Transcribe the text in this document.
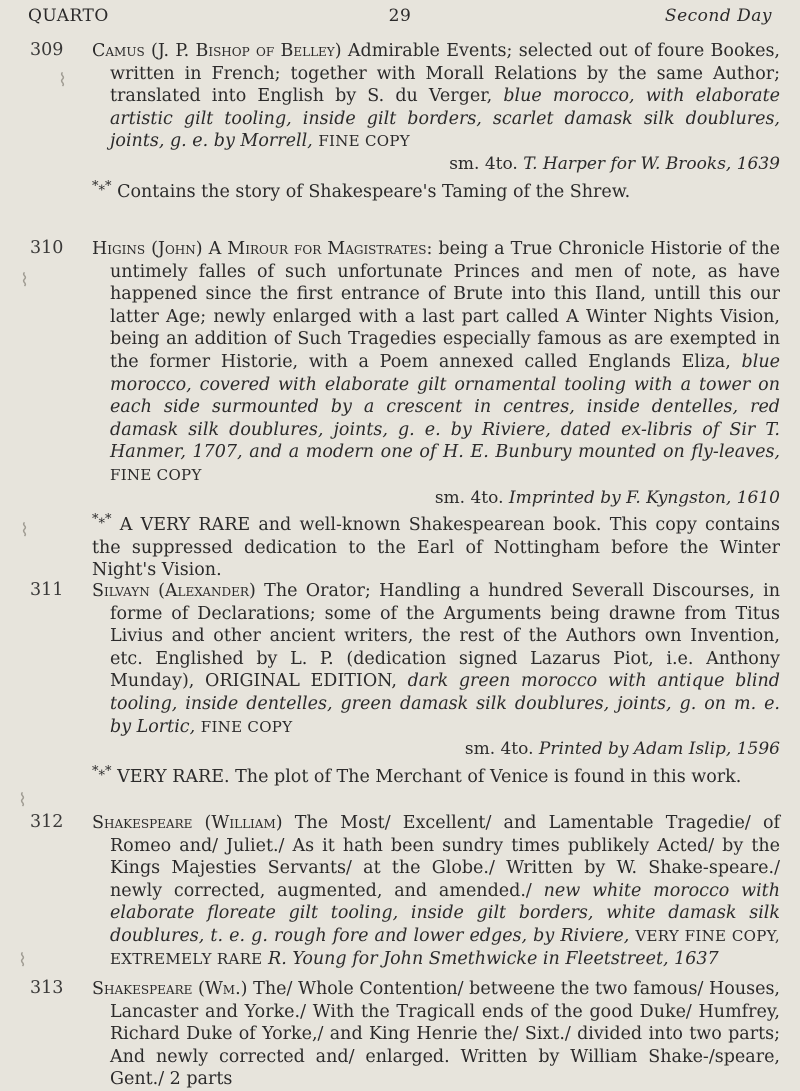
QUARTO	29	Second Day
⌇
⌇
⌇
⌇
⌇
309	Camus (J. P. Bishop of Belley) Admirable Events; selected out of foure Bookes, written in French; together with Morall Relations by the same Author; translated into English by S. du Verger, blue morocco, with elaborate artistic gilt tooling, inside gilt borders, scarlet damask silk doublures, joints, g. e. by Morrell, FINE COPY

sm. 4to. T. Harper for W. Brooks, 1639

*⁎* Contains the story of Shakespeare's Taming of the Shrew.

310	Higins (John) A Mirour for Magistrates: being a True Chronicle Historie of the untimely falles of such unfortunate Princes and men of note, as have happened since the first entrance of Brute into this Iland, untill this our latter Age; newly enlarged with a last part called A Winter Nights Vision, being an addition of Such Tragedies especially famous as are exempted in the former Historie, with a Poem annexed called Englands Eliza, blue morocco, covered with elaborate gilt ornamental tooling with a tower on each side surmounted by a crescent in centres, inside dentelles, red damask silk doublures, joints, g. e. by Riviere, dated ex-libris of Sir T. Hanmer, 1707, and a modern one of H. E. Bunbury mounted on fly-leaves, FINE COPY

sm. 4to. Imprinted by F. Kyngston, 1610

*⁎* A VERY RARE and well-known Shakespearean book. This copy contains the suppressed dedication to the Earl of Nottingham before the Winter Night's Vision.

311	Silvayn (Alexander) The Orator; Handling a hundred Severall Discourses, in forme of Declarations; some of the Arguments being drawne from Titus Livius and other ancient writers, the rest of the Authors own Invention, etc. Englished by L. P. (dedication signed Lazarus Piot, i.e. Anthony Munday), ORIGINAL EDITION, dark green morocco with antique blind tooling, inside dentelles, green damask silk doublures, joints, g. on m. e. by Lortic, FINE COPY

sm. 4to. Printed by Adam Islip, 1596

*⁎* VERY RARE. The plot of The Merchant of Venice is found in this work.

312	Shakespeare (William) The Most/ Excellent/ and Lamentable Tragedie/ of Romeo and/ Juliet./ As it hath been sundry times publikely Acted/ by the Kings Majesties Servants/ at the Globe./ Written by W. Shake-speare./ newly corrected, augmented, and amended./ new white morocco with elaborate floreate gilt tooling, inside gilt borders, white damask silk doublures, t. e. g. rough fore and lower edges, by Riviere, VERY FINE COPY, EXTREMELY RARE R. Young for John Smethwicke in Fleetstreet, 1637

313	Shakespeare (Wm.) The/ Whole Contention/ betweene the two famous/ Houses, Lancaster and Yorke./ With the Tragicall ends of the good Duke/ Humfrey, Richard Duke of Yorke,/ and King Henrie the/ Sixt./ divided into two parts; And newly corrected and/ enlarged. Written by William Shake-/speare, Gent./ 2 parts
